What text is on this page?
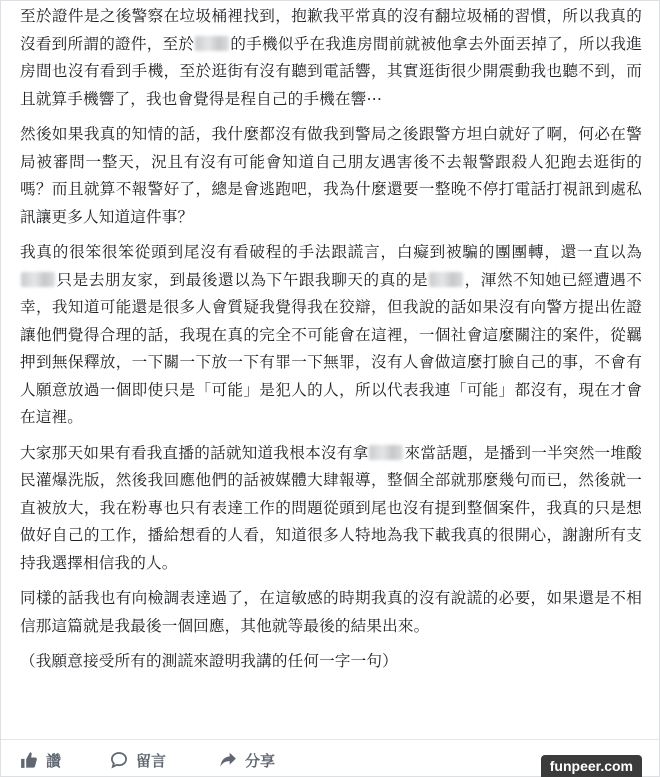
至於證件是之後警察在垃圾桶裡找到，抱歉我平常真的沒有翻垃圾桶的習慣，所以我真的沒看到所謂的證件，至於 的手機似乎在我進房間前就被他拿去外面丟掉了，所以我進房間也沒有看到手機，至於逛街有沒有聽到電話響，其實逛街很少開震動我也聽不到，而且就算手機響了，我也會覺得是程自己的手機在響⋯

然後如果我真的知情的話，我什麼都沒有做我到警局之後跟警方坦白就好了啊，何必在警局被審問一整天，況且有沒有可能會知道自己朋友遇害後不去報警跟殺人犯跑去逛街的嗎？而且就算不報警好了，總是會逃跑吧，我為什麼還要一整晚不停打電話打視訊到處私訊讓更多人知道這件事？

我真的很笨很笨從頭到尾沒有看破程的手法跟謊言，白癡到被騙的團團轉，還一直以為只是去朋友家，到最後還以為下午跟我聊天的真的是 ，渾然不知她已經遭遇不幸，我知道可能還是很多人會質疑我覺得我在狡辯，但我說的話如果沒有向警方提出佐證讓他們覺得合理的話，我現在真的完全不可能會在這裡，一個社會這麼關注的案件，從羈押到無保釋放，一下關一下放一下有罪一下無罪，沒有人會做這麼打臉自己的事，不會有人願意放過一個即使只是「可能」是犯人的人，所以代表我連「可能」都沒有，現在才會在這裡。

大家那天如果有看我直播的話就知道我根本沒有拿 來當話題，是播到一半突然一堆酸民灌爆洗版，然後我回應他們的話被媒體大肆報導，整個全部就那麼幾句而已，然後就一直被放大，我在粉專也只有表達工作的問題從頭到尾也沒有提到整個案件，我真的只是想做好自己的工作，播給想看的人看，知道很多人特地為我下載我真的很開心，謝謝所有支持我選擇相信我的人。

同樣的話我也有向檢調表達過了，在這敏感的時期我真的沒有說謊的必要，如果還是不相信那這篇就是我最後一個回應，其他就等最後的結果出來。

（我願意接受所有的測謊來證明我講的任何一字一句）

讚	留言	分享	funpeer.com
